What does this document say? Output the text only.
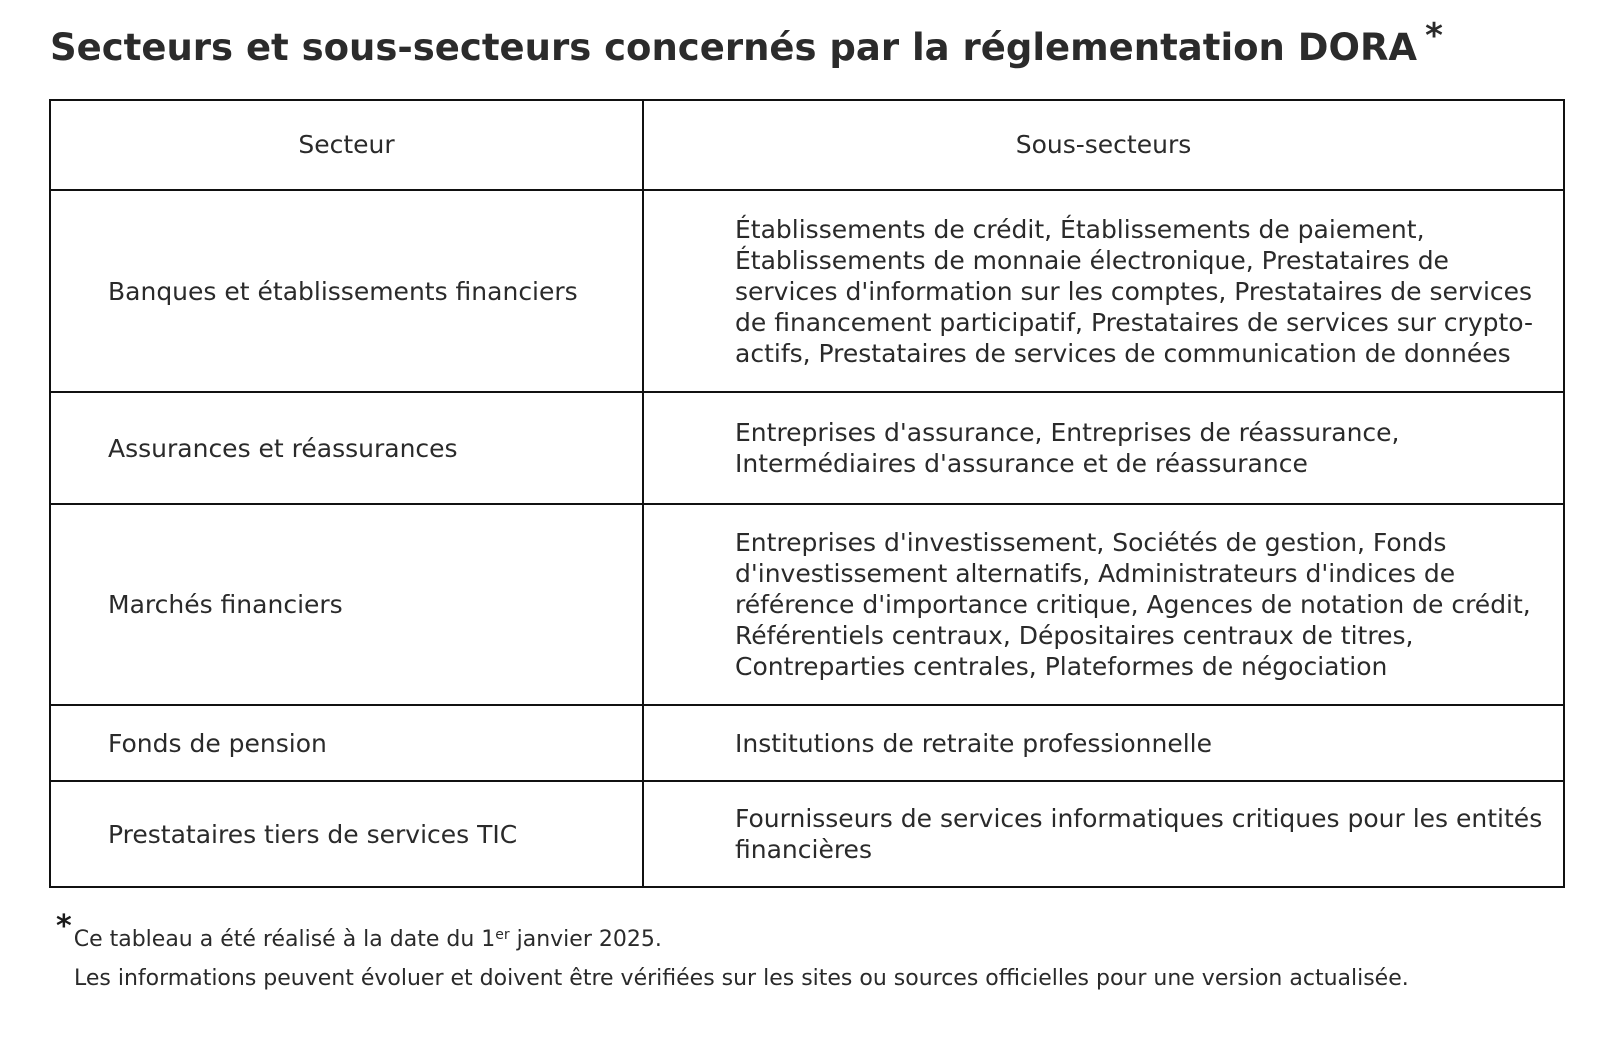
Secteurs et sous-secteurs concernés par la réglementation DORA *
Secteur	Sous-secteurs
Banques et établissements financiers	Établissements de crédit, Établissements de paiement, Établissements de monnaie électronique, Prestataires de services d'information sur les comptes, Prestataires de services de financement participatif, Prestataires de services sur crypto-actifs, Prestataires de services de communication de données
Assurances et réassurances	Entreprises d'assurance, Entreprises de réassurance, Intermédiaires d'assurance et de réassurance
Marchés financiers	Entreprises d'investissement, Sociétés de gestion, Fonds d'investissement alternatifs, Administrateurs d'indices de référence d'importance critique, Agences de notation de crédit, Référentiels centraux, Dépositaires centraux de titres, Contreparties centrales, Plateformes de négociation
Fonds de pension	Institutions de retraite professionnelle
Prestataires tiers de services TIC	Fournisseurs de services informatiques critiques pour les entités financières
*Ce tableau a été réalisé à la date du 1er janvier 2025.
Les informations peuvent évoluer et doivent être vérifiées sur les sites ou sources officielles pour une version actualisée.
